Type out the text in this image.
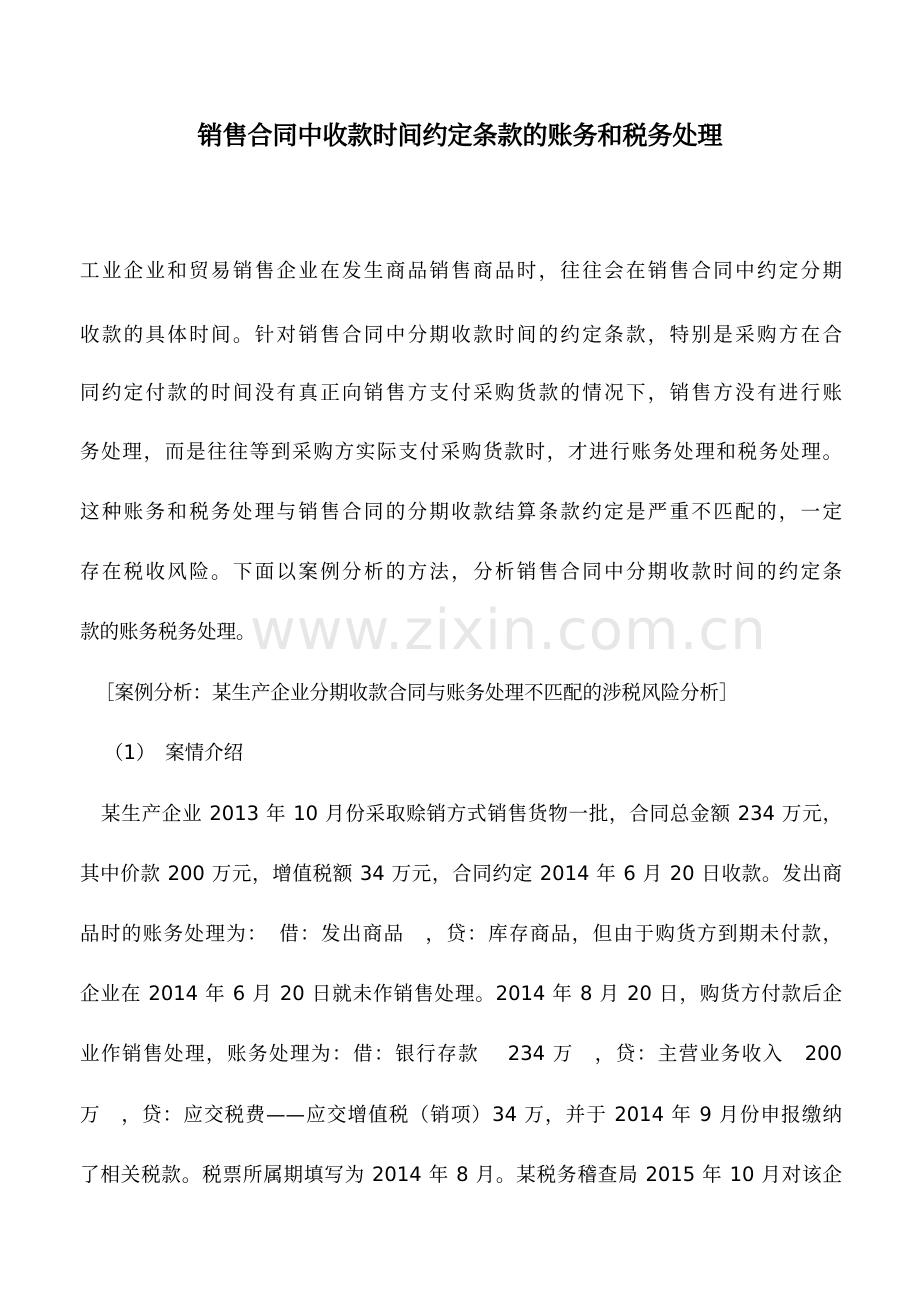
销售合同中收款时间约定条款的账务和税务处理
www.zixin.com.cn

工业企业和贸易销售企业在发生商品销售商品时，往往会在销售合同中约定分期

收款的具体时间。针对销售合同中分期收款时间的约定条款，特别是采购方在合

同约定付款的时间没有真正向销售方支付采购货款的情况下，销售方没有进行账

务处理，而是往往等到采购方实际支付采购货款时，才进行账务处理和税务处理。

这种账务和税务处理与销售合同的分期收款结算条款约定是严重不匹配的，一定

存在税收风险。下面以案例分析的方法，分析销售合同中分期收款时间的约定条

款的账务税务处理。

［案例分析：某生产企业分期收款合同与账务处理不匹配的涉税风险分析］

（1）　案情介绍

某生产企业 2013 年 10 月份采取赊销方式销售货物一批，合同总金额 234 万元，

其中价款 200 万元，增值税额 34 万元，合同约定 2014 年 6 月 20 日收款。发出商

品时的账务处理为：　借：发出商品　，贷：库存商品，但由于购货方到期未付款，

企业在 2014 年 6 月 20 日就未作销售处理。2014 年 8 月 20 日，购货方付款后企

业作销售处理，账务处理为：借：银行存款　 234 万　，贷：主营业务收入　200

万　，贷：应交税费——应交增值税（销项）34 万，并于 2014 年 9 月份申报缴纳

了相关税款。税票所属期填写为 2014 年 8 月。某税务稽查局 2015 年 10 月对该企
